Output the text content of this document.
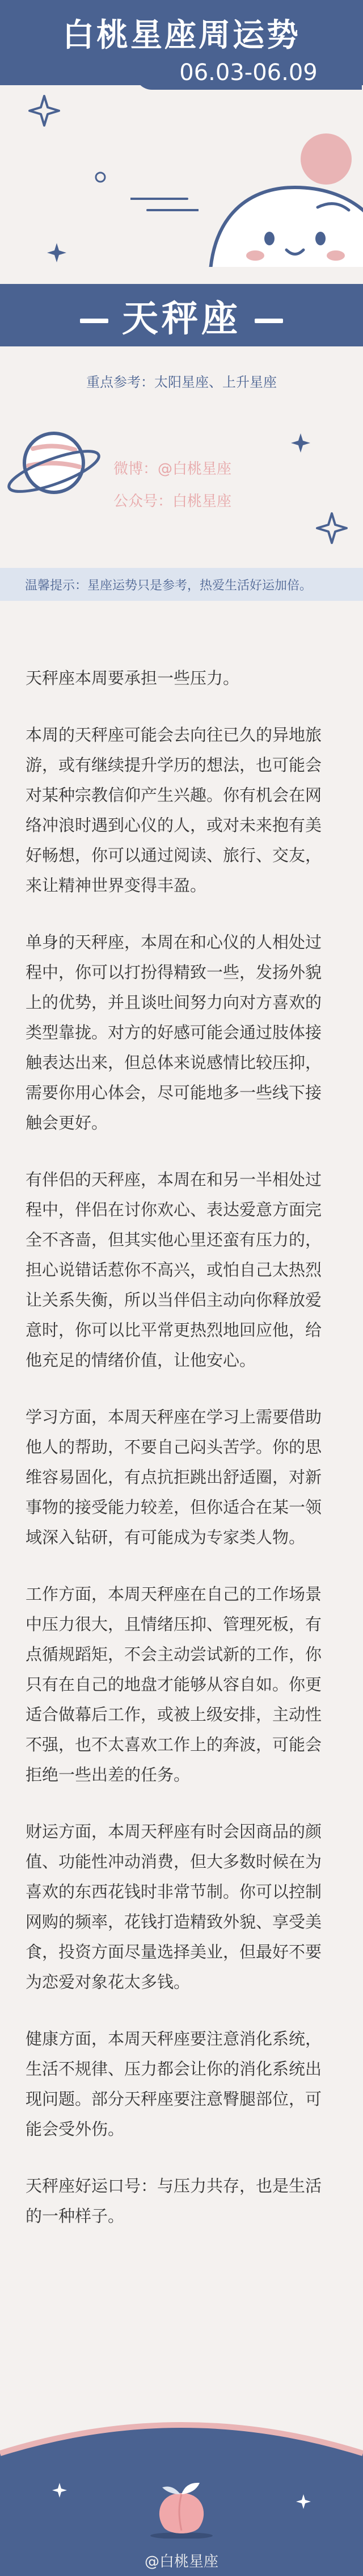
白桃星座周运势
06.03-06.09
天秤座
重点参考：太阳星座、上升星座
微博：@白桃星座
公众号：白桃星座
温馨提示：星座运势只是参考，热爱生活好运加倍。

天秤座本周要承担一些压力。

本周的天秤座可能会去向往已久的异地旅游，或有继续提升学历的想法，也可能会对某种宗教信仰产生兴趣。你有机会在网络冲浪时遇到心仪的人，或对未来抱有美好畅想，你可以通过阅读、旅行、交友，来让精神世界变得丰盈。

单身的天秤座，本周在和心仪的人相处过程中，你可以打扮得精致一些，发扬外貌上的优势，并且谈吐间努力向对方喜欢的类型靠拢。对方的好感可能会通过肢体接触表达出来，但总体来说感情比较压抑，需要你用心体会，尽可能地多一些线下接触会更好。

有伴侣的天秤座，本周在和另一半相处过程中，伴侣在讨你欢心、表达爱意方面完全不吝啬，但其实他心里还蛮有压力的，担心说错话惹你不高兴，或怕自己太热烈让关系失衡，所以当伴侣主动向你释放爱意时，你可以比平常更热烈地回应他，给他充足的情绪价值，让他安心。

学习方面，本周天秤座在学习上需要借助他人的帮助，不要自己闷头苦学。你的思维容易固化，有点抗拒跳出舒适圈，对新事物的接受能力较差，但你适合在某一领域深入钻研，有可能成为专家类人物。

工作方面，本周天秤座在自己的工作场景中压力很大，且情绪压抑、管理死板，有点循规蹈矩，不会主动尝试新的工作，你只有在自己的地盘才能够从容自如。你更适合做幕后工作，或被上级安排，主动性不强，也不太喜欢工作上的奔波，可能会拒绝一些出差的任务。

财运方面，本周天秤座有时会因商品的颜值、功能性冲动消费，但大多数时候在为喜欢的东西花钱时非常节制。你可以控制网购的频率，花钱打造精致外貌、享受美食，投资方面尽量选择美业，但最好不要为恋爱对象花太多钱。

健康方面，本周天秤座要注意消化系统，生活不规律、压力都会让你的消化系统出现问题。部分天秤座要注意臀腿部位，可能会受外伤。

天秤座好运口号：与压力共存，也是生活的一种样子。

@白桃星座
